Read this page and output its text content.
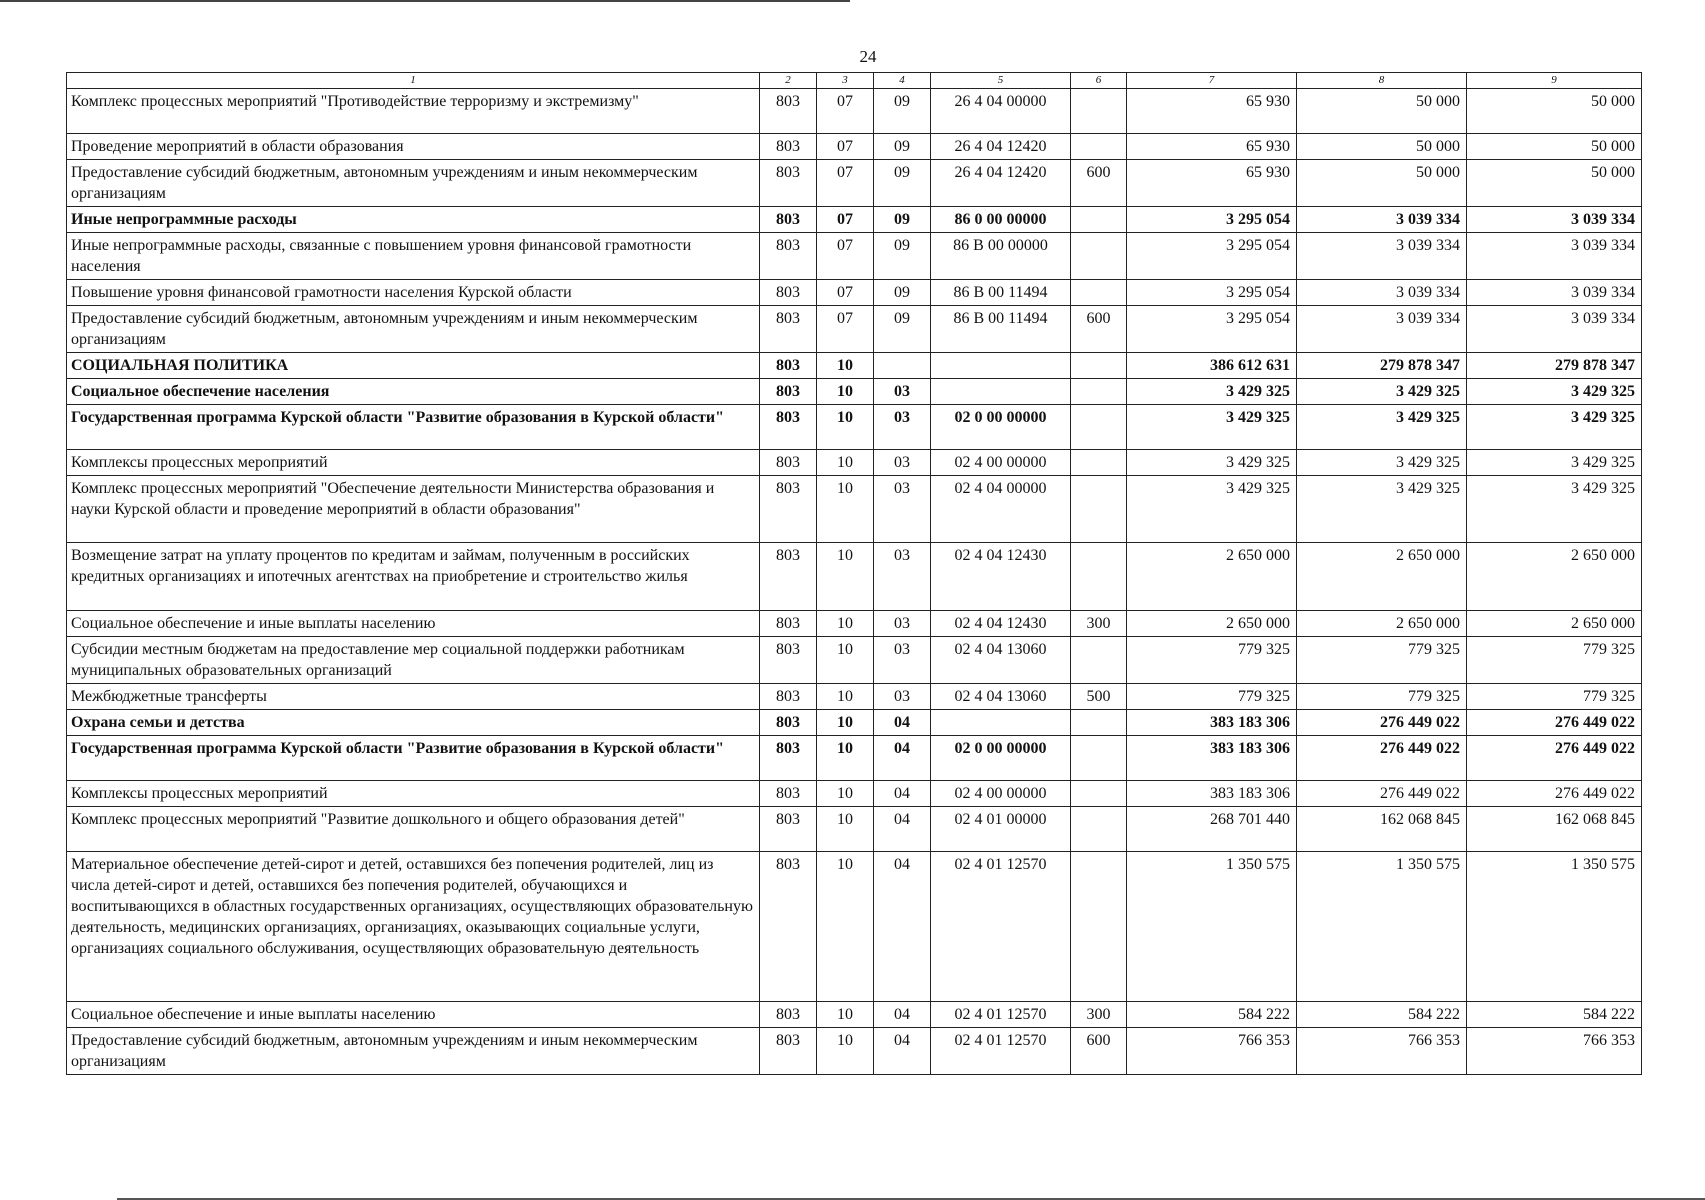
24
1	2	3	4	5	6	7	8	9
Комплекс процессных мероприятий "Противодействие терроризму и экстремизму"	803	07	09	26 4 04 00000		65 930	50 000	50 000
Проведение мероприятий в области образования	803	07	09	26 4 04 12420		65 930	50 000	50 000
Предоставление субсидий бюджетным, автономным учреждениям и иным некоммерческим организациям	803	07	09	26 4 04 12420	600	65 930	50 000	50 000
Иные непрограммные расходы	803	07	09	86 0 00 00000		3 295 054	3 039 334	3 039 334
Иные непрограммные расходы, связанные с повышением уровня финансовой грамотности населения	803	07	09	86 В 00 00000		3 295 054	3 039 334	3 039 334
Повышение уровня финансовой грамотности населения Курской области	803	07	09	86 В 00 11494		3 295 054	3 039 334	3 039 334
Предоставление субсидий бюджетным, автономным учреждениям и иным некоммерческим организациям	803	07	09	86 В 00 11494	600	3 295 054	3 039 334	3 039 334
СОЦИАЛЬНАЯ ПОЛИТИКА	803	10				386 612 631	279 878 347	279 878 347
Социальное обеспечение населения	803	10	03			3 429 325	3 429 325	3 429 325
Государственная программа Курской области "Развитие образования в Курской области"	803	10	03	02 0 00 00000		3 429 325	3 429 325	3 429 325
Комплексы процессных мероприятий	803	10	03	02 4 00 00000		3 429 325	3 429 325	3 429 325
Комплекс процессных мероприятий "Обеспечение деятельности Министерства образования и науки Курской области и проведение мероприятий в области образования"	803	10	03	02 4 04 00000		3 429 325	3 429 325	3 429 325
Возмещение затрат на уплату процентов по кредитам и займам, полученным в российских кредитных организациях и ипотечных агентствах на приобретение и строительство жилья	803	10	03	02 4 04 12430		2 650 000	2 650 000	2 650 000
Социальное обеспечение и иные выплаты населению	803	10	03	02 4 04 12430	300	2 650 000	2 650 000	2 650 000
Субсидии местным бюджетам на предоставление мер социальной поддержки работникам муниципальных образовательных организаций	803	10	03	02 4 04 13060		779 325	779 325	779 325
Межбюджетные трансферты	803	10	03	02 4 04 13060	500	779 325	779 325	779 325
Охрана семьи и детства	803	10	04			383 183 306	276 449 022	276 449 022
Государственная программа Курской области "Развитие образования в Курской области"	803	10	04	02 0 00 00000		383 183 306	276 449 022	276 449 022
Комплексы процессных мероприятий	803	10	04	02 4 00 00000		383 183 306	276 449 022	276 449 022
Комплекс процессных мероприятий "Развитие дошкольного и общего образования детей"	803	10	04	02 4 01 00000		268 701 440	162 068 845	162 068 845
Материальное обеспечение детей-сирот и детей, оставшихся без попечения родителей, лиц из числа детей-сирот и детей, оставшихся без попечения родителей, обучающихся и воспитывающихся в областных государственных организациях, осуществляющих образовательную деятельность, медицинских организациях, организациях, оказывающих социальные услуги, организациях социального обслуживания, осуществляющих образовательную деятельность	803	10	04	02 4 01 12570		1 350 575	1 350 575	1 350 575
Социальное обеспечение и иные выплаты населению	803	10	04	02 4 01 12570	300	584 222	584 222	584 222
Предоставление субсидий бюджетным, автономным учреждениям и иным некоммерческим организациям	803	10	04	02 4 01 12570	600	766 353	766 353	766 353
